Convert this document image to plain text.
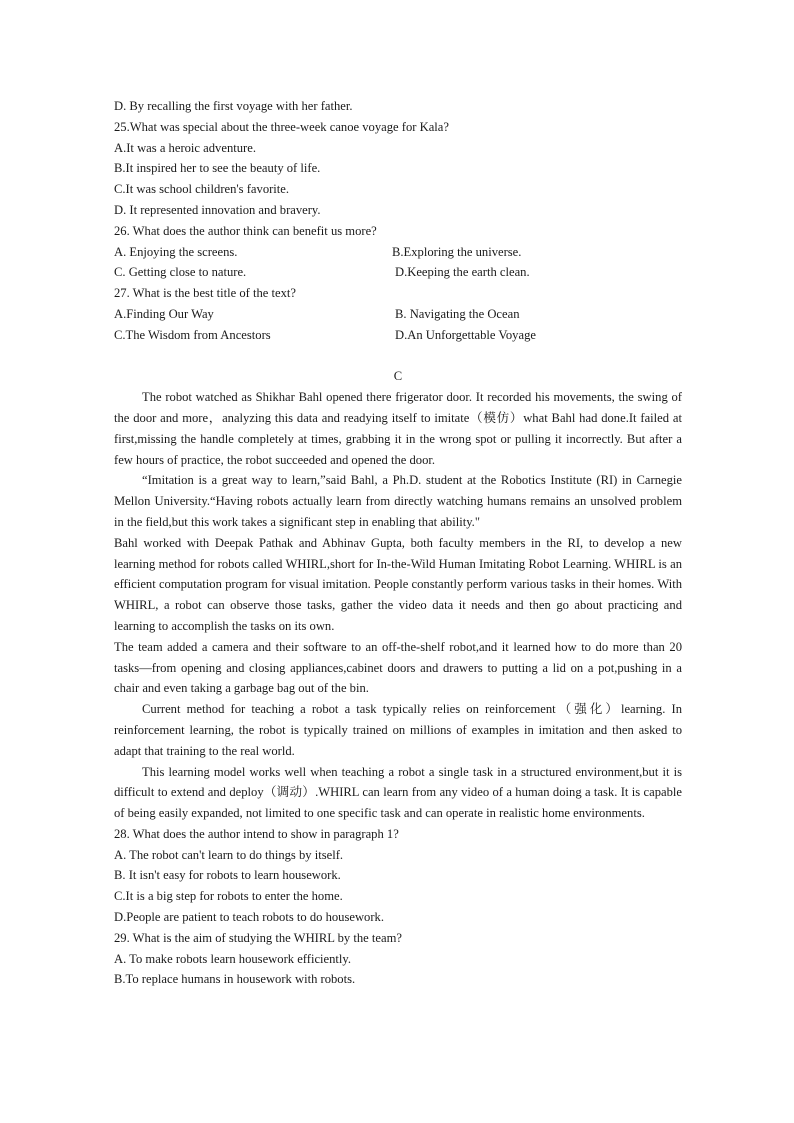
D. By recalling the first voyage with her father.
25.What was special about the three-week canoe voyage for Kala?
A.It was a heroic adventure.
B.It inspired her to see the beauty of life.
C.It was school children's favorite.
D. It represented innovation and bravery.
26. What does the author think can benefit us more?
A. Enjoying the screens.	B.Exploring the universe.
C. Getting close to nature.	D.Keeping the earth clean.
27. What is the best title of the text?
A.Finding Our Way	B. Navigating the Ocean
C.The Wisdom from Ancestors	D.An Unforgettable Voyage
C

The robot watched as Shikhar Bahl opened there frigerator door. It recorded his movements, the swing of the door and more，analyzing this data and readying itself to imitate（模仿）what Bahl had done.It failed at first,missing the handle completely at times, grabbing it in the wrong spot or pulling it incorrectly. But after a few hours of practice, the robot succeeded and opened the door.

“Imitation is a great way to learn,”said Bahl, a Ph.D. student at the Robotics Institute (RI) in Carnegie Mellon University.“Having robots actually learn from directly watching humans remains an unsolved problem in the field,but this work takes a significant step in enabling that ability."

Bahl worked with Deepak Pathak and Abhinav Gupta, both faculty members in the RI, to develop a new learning method for robots called WHIRL,short for In-the-Wild Human Imitating Robot Learning. WHIRL is an efficient computation program for visual imitation. People constantly perform various tasks in their homes. With WHIRL, a robot can observe those tasks, gather the video data it needs and then go about practicing and learning to accomplish the tasks on its own.

The team added a camera and their software to an off-the-shelf robot,and it learned how to do more than 20 tasks—from opening and closing appliances,cabinet doors and drawers to putting a lid on a pot,pushing in a chair and even taking a garbage bag out of the bin.

Current method for teaching a robot a task typically relies on reinforcement（强化）learning. In reinforcement learning, the robot is typically trained on millions of examples in imitation and then asked to adapt that training to the real world.

This learning model works well when teaching a robot a single task in a structured environment,but it is difficult to extend and deploy（调动）.WHIRL can learn from any video of a human doing a task. It is capable of being easily expanded, not limited to one specific task and can operate in realistic home environments.

28. What does the author intend to show in paragraph 1?
A. The robot can't learn to do things by itself.
B. It isn't easy for robots to learn housework.
C.It is a big step for robots to enter the home.
D.People are patient to teach robots to do housework.
29. What is the aim of studying the WHIRL by the team?
A. To make robots learn housework efficiently.
B.To replace humans in housework with robots.
